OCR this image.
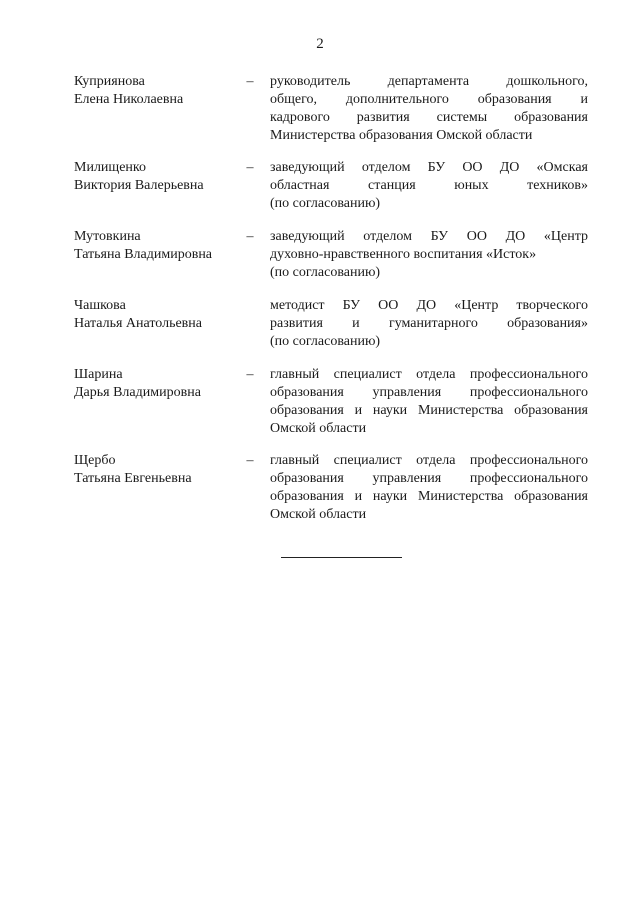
2
Куприянова
Елена Николаевна
– руководитель департамента дошкольного,
общего, дополнительного образования и
кадрового развития системы образования
Министерства образования Омской области
Милищенко
Виктория Валерьевна
– заведующий отделом БУ ОО ДО «Омская
областная станция юных техников»
(по согласованию)
Мутовкина
Татьяна Владимировна
– заведующий отделом БУ ОО ДО «Центр
духовно-нравственного воспитания «Исток»
(по согласованию)
Чашкова
Наталья Анатольевна
методист БУ ОО ДО «Центр творческого
развития и гуманитарного образования»
(по согласованию)
Шарина
Дарья Владимировна
– главный специалист отдела профессионального
образования управления профессионального
образования и науки Министерства образования
Омской области
Щербо
Татьяна Евгеньевна
– главный специалист отдела профессионального
образования управления профессионального
образования и науки Министерства образования
Омской области
